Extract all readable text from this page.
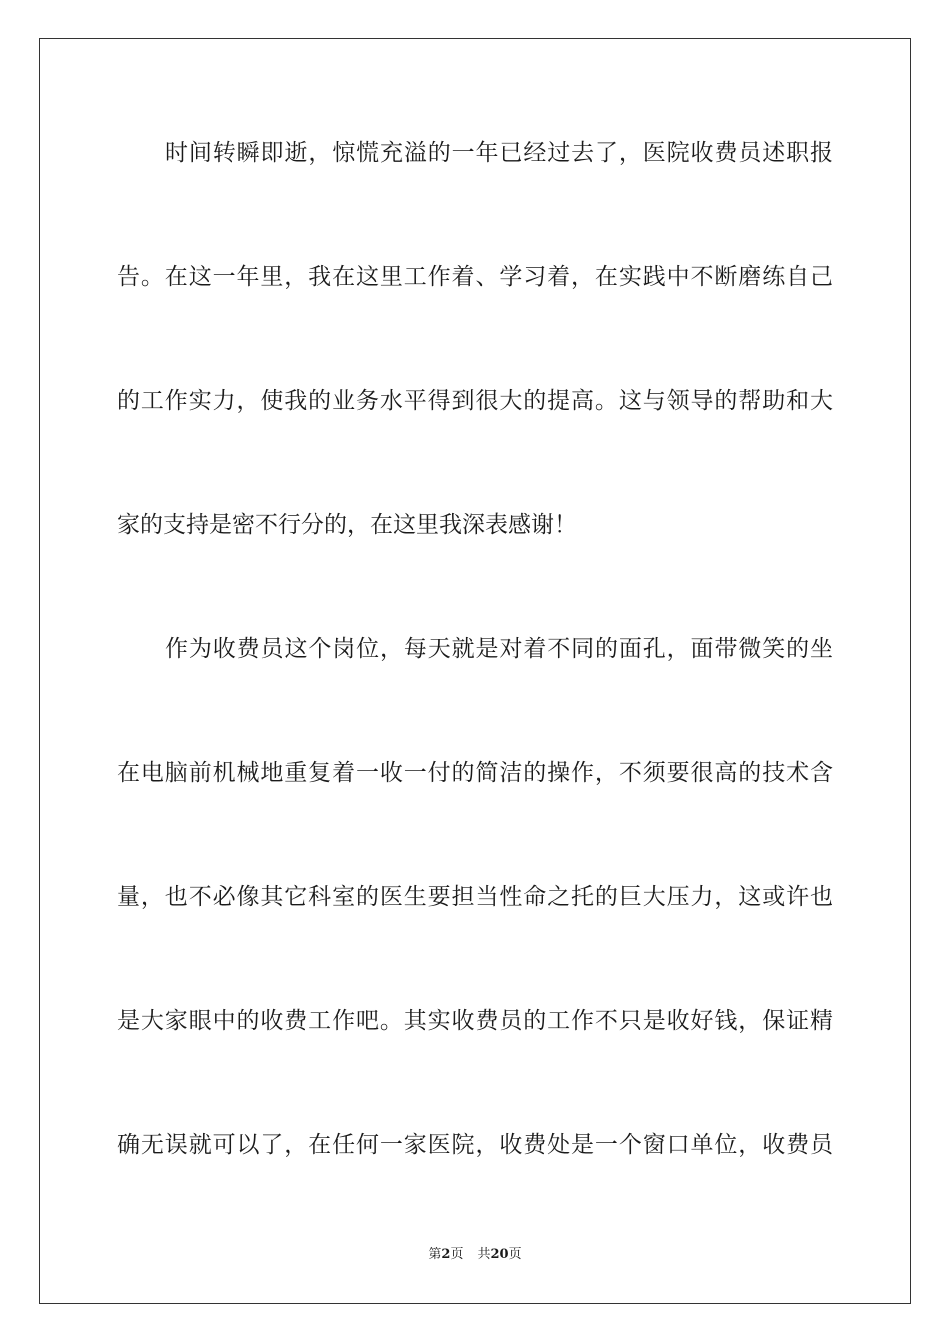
时间转瞬即逝，惊慌充溢的一年已经过去了，医院收费员述职报
告。在这一年里，我在这里工作着、学习着，在实践中不断磨练自己
的工作实力，使我的业务水平得到很大的提高。这与领导的帮助和大
家的支持是密不行分的，在这里我深表感谢！
作为收费员这个岗位，每天就是对着不同的面孔，面带微笑的坐
在电脑前机械地重复着一收一付的简洁的操作，不须要很高的技术含
量，也不必像其它科室的医生要担当性命之托的巨大压力，这或许也
是大家眼中的收费工作吧。其实收费员的工作不只是收好钱，保证精
确无误就可以了，在任何一家医院，收费处是一个窗口单位，收费员
第2页 共20页
